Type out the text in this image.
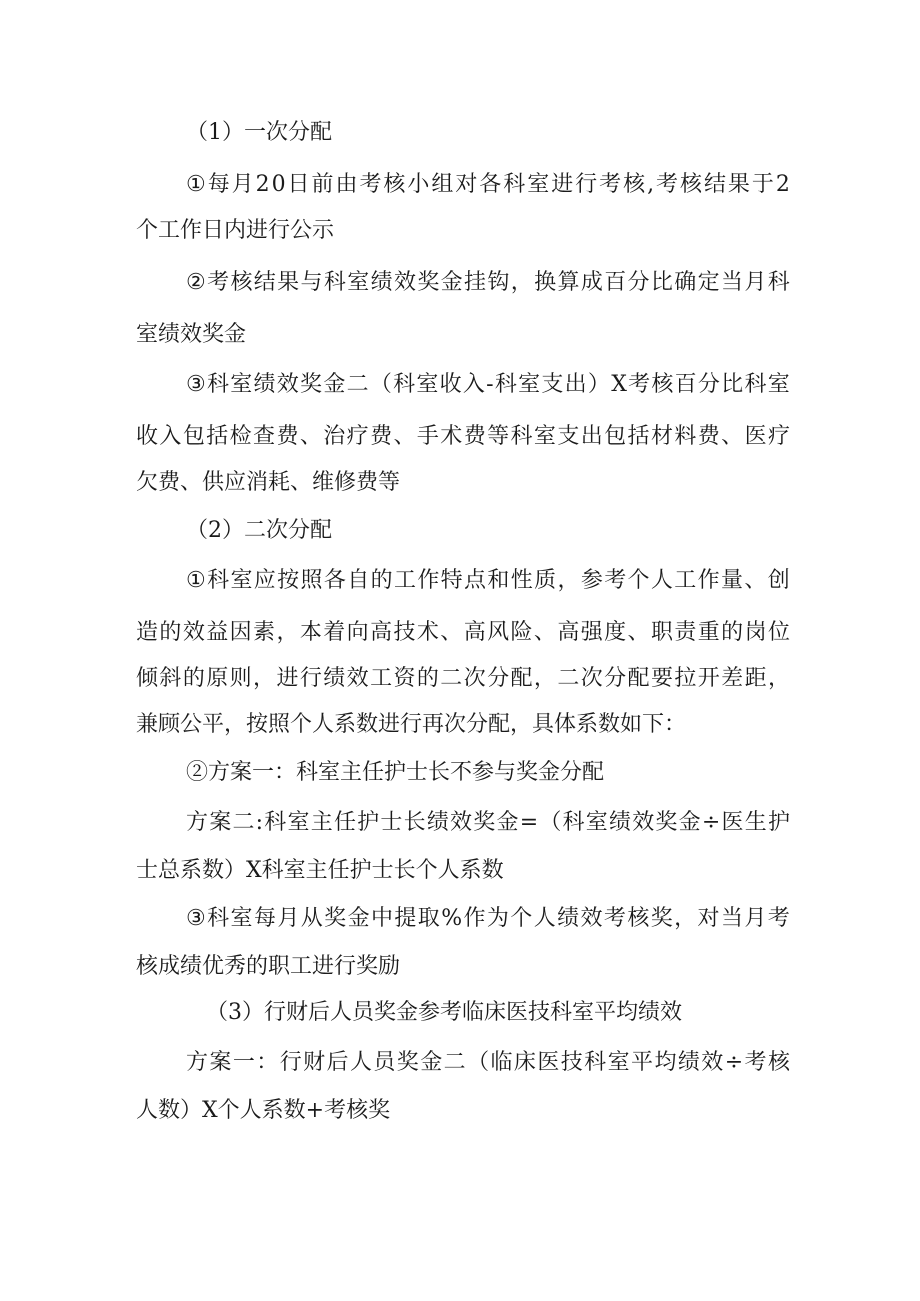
（1）一次分配
① 每 月 2 0 日 前 由 考 核 小 组 对 各 科 室 进 行 考 核 , 考 核 结 果 于 2
个工作日内进行公示
② 考 核 结 果 与 科 室 绩 效 奖 金 挂 钩 ， 换 算 成 百 分 比 确 定 当 月 科
室绩效奖金
③ 科 室 绩 效 奖 金 二 （ 科 室 收 入 - 科 室 支 出 ） X 考 核 百 分 比 科 室
收 入 包 括 检 查 费 、 治 疗 费 、 手 术 费 等 科 室 支 出 包 括 材 料 费 、 医 疗
欠费、供应消耗、维修费等
（2）二次分配
① 科 室 应 按 照 各 自 的 工 作 特 点 和 性 质 ， 参 考 个 人 工 作 量 、 创
造 的 效 益 因 素 ， 本 着 向 高 技 术 、 高 风 险 、 高 强 度 、 职 责 重 的 岗 位
倾 斜 的 原 则 ， 进 行 绩 效 工 资 的 二 次 分 配 ， 二 次 分 配 要 拉 开 差 距 ，
兼顾公平，按照个人系数进行再次分配，具体系数如下：
②方案一：科室主任护士长不参与奖金分配
方 案 二 : 科 室 主 任 护 士 长 绩 效 奖 金 = （ 科 室 绩 效 奖 金 ÷ 医 生 护
士总系数）X科室主任护士长个人系数
③ 科 室 每 月 从 奖 金 中 提 取 % 作 为 个 人 绩 效 考 核 奖 ， 对 当 月 考
核成绩优秀的职工进行奖励
（3）行财后人员奖金参考临床医技科室平均绩效
方 案 一 ： 行 财 后 人 员 奖 金 二 （ 临 床 医 技 科 室 平 均 绩 效 ÷ 考 核
人数）X个人系数+考核奖
